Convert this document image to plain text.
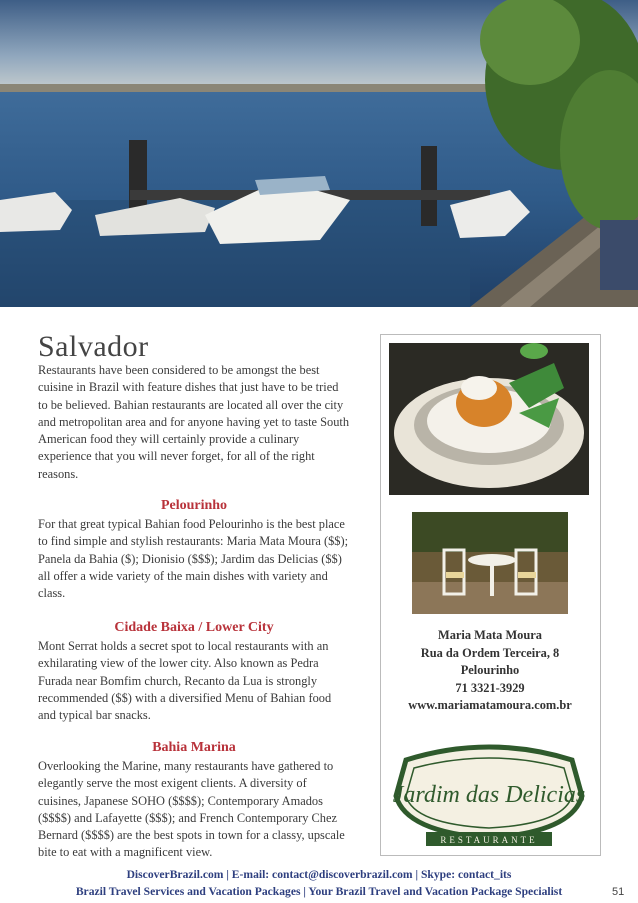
Salvador

Restaurants have been considered to be amongst the best cuisine in Brazil with feature dishes that just have to be tried to be believed. Bahian restaurants are located all over the city and metropolitan area and for anyone having yet to taste South American food they will certainly provide a culinary experience that you will never forget, for all of the right reasons.

Pelourinho

For that great typical Bahian food Pelourinho is the best place to find simple and stylish restaurants: Maria Mata Moura ($$); Panela da Bahia ($); Dionisio ($$$); Jardim das Delicias ($$) all offer a wide variety of the main dishes with variety and class.

Cidade Baixa / Lower City

Mont Serrat holds a secret spot to local restaurants with an exhilarating view of the lower city. Also known as Pedra Furada near Bomfim church, Recanto da Lua is strongly recommended ($$) with a diversified Menu of Bahian food and typical bar snacks.

Bahia Marina

Overlooking the Marine, many restaurants have gathered to elegantly serve the most exigent clients. A diversity of cuisines, Japanese SOHO ($$$$); Contemporary Amados ($$$$) and Lafayette ($$$); and French Contemporary Chez Bernard ($$$$) are the best spots in town for a classy, upscale bite to eat with a magnificent view.

Maria Mata Moura
Rua da Ordem Terceira, 8
Pelourinho
71 3321-3929
www.mariamatamoura.com.br
Jardim das Delicias
RESTAURANTE
DiscoverBrazil.com | E-mail: contact@discoverbrazil.com | Skype: contact_its
Brazil Travel Services and Vacation Packages | Your Brazil Travel and Vacation Package Specialist	51
